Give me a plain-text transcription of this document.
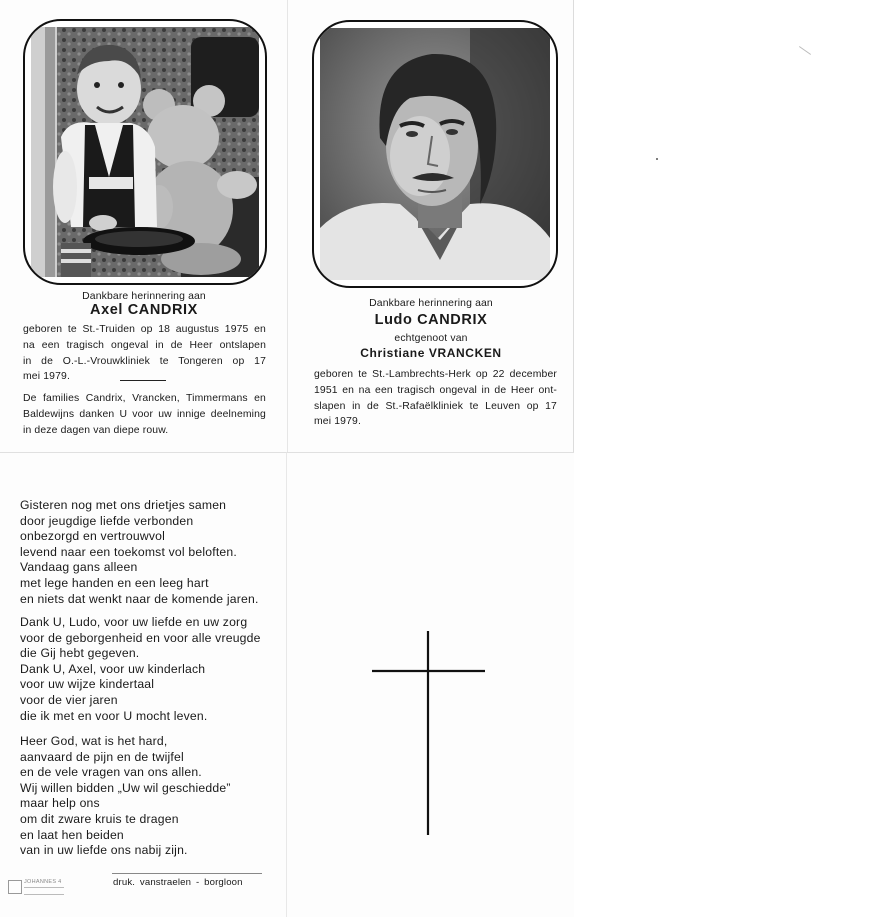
Dankbare herinnering aan
Axel CANDRIX
geboren te St.-Truiden op 18 augustus 1975 en
na een tragisch ongeval in de Heer ontslapen
in de O.-L.-Vrouwkliniek te Tongeren op 17
mei 1979.
De families Candrix, Vrancken, Timmermans en
Baldewijns danken U voor uw innige deelneming
in deze dagen van diepe rouw.
Dankbare herinnering aan
Ludo CANDRIX
echtgenoot van
Christiane VRANCKEN
geboren te St.-Lambrechts-Herk op 22 december
1951 en na een tragisch ongeval in de Heer ont-
slapen in de St.-Rafaëlkliniek te Leuven op 17
mei 1979.

Gisteren nog met ons drietjes samen

door jeugdige liefde verbonden

onbezorgd en vertrouwvol

levend naar een toekomst vol beloften.

Vandaag gans alleen

met lege handen en een leeg hart

en niets dat wenkt naar de komende jaren.

Dank U, Ludo, voor uw liefde en uw zorg

voor de geborgenheid en voor alle vreugde

die Gij hebt gegeven.

Dank U, Axel, voor uw kinderlach

voor uw wijze kindertaal

voor de vier jaren

die ik met en voor U mocht leven.

Heer God, wat is het hard,

aanvaard de pijn en de twijfel

en de vele vragen van ons allen.

Wij willen bidden „Uw wil geschiedde”

maar help ons

om dit zware kruis te dragen

en laat hen beiden

van in uw liefde ons nabij zijn.

druk. vanstraelen - borgloon
JOHANNES 4
